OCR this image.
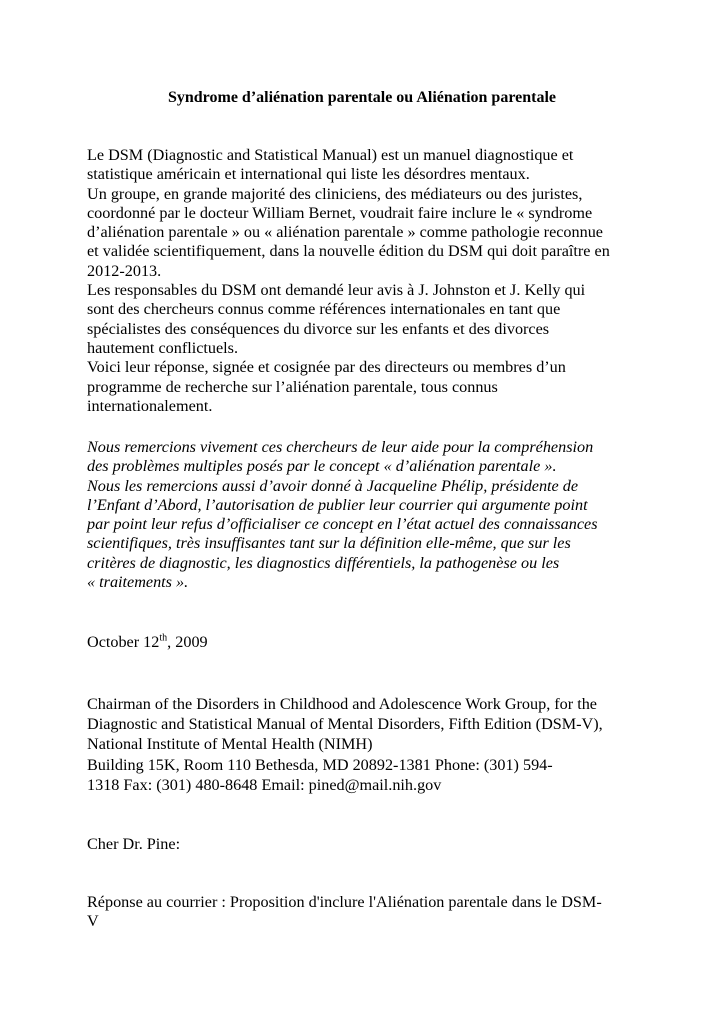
Syndrome d’aliénation parentale ou Aliénation parentale

Le DSM (Diagnostic and Statistical Manual) est un manuel diagnostique et

statistique américain et international qui liste les désordres mentaux.

Un groupe, en grande majorité des cliniciens, des médiateurs ou des juristes,

coordonné par le docteur William Bernet, voudrait faire inclure le « syndrome

d’aliénation parentale » ou « aliénation parentale » comme pathologie reconnue

et validée scientifiquement, dans la nouvelle édition du DSM qui doit paraître en

2012-2013.

Les responsables du DSM ont demandé leur avis à J. Johnston et J. Kelly qui

sont des chercheurs connus comme références internationales en tant que

spécialistes des conséquences du divorce sur les enfants et des divorces

hautement conflictuels.

Voici leur réponse, signée et cosignée par des directeurs ou membres d’un

programme de recherche sur l’aliénation parentale, tous connus

internationalement.

Nous remercions vivement ces chercheurs de leur aide pour la compréhension

des problèmes multiples posés par le concept « d’aliénation parentale ».

Nous les remercions aussi d’avoir donné à Jacqueline Phélip, présidente de

l’Enfant d’Abord, l’autorisation de publier leur courrier qui argumente point

par point leur refus d’officialiser ce concept en l’état actuel des connaissances

scientifiques, très insuffisantes tant sur la définition elle-même, que sur les

critères de diagnostic, les diagnostics différentiels, la pathogenèse ou les

« traitements ».

October 12th, 2009

Chairman of the Disorders in Childhood and Adolescence Work Group, for the

Diagnostic and Statistical Manual of Mental Disorders, Fifth Edition (DSM-V),

National Institute of Mental Health (NIMH)

Building 15K, Room 110 Bethesda, MD 20892-1381 Phone: (301) 594-

1318 Fax: (301) 480-8648 Email: pined@mail.nih.gov

Cher Dr. Pine:

Réponse au courrier : Proposition d'inclure l'Aliénation parentale dans le DSM-

V
